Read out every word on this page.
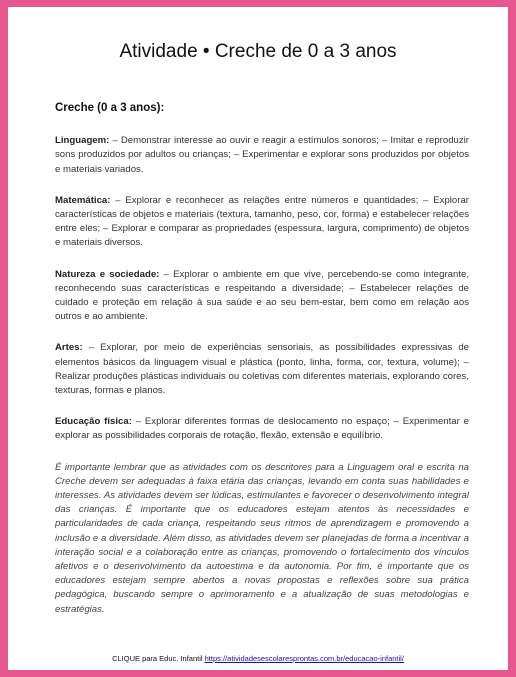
Atividade • Creche de 0 a 3 anos
Creche (0 a 3 anos):
Linguagem: – Demonstrar interesse ao ouvir e reagir a estímulos sonoros; – Imitar e reproduzir sons produzidos por adultos ou crianças; – Experimentar e explorar sons produzidos por objetos e materiais variados.
Matemática: – Explorar e reconhecer as relações entre números e quantidades; – Explorar características de objetos e materiais (textura, tamanho, peso, cor, forma) e estabelecer relações entre eles; – Explorar e comparar as propriedades (espessura, largura, comprimento) de objetos e materiais diversos.
Natureza e sociedade: – Explorar o ambiente em que vive, percebendo-se como integrante, reconhecendo suas características e respeitando a diversidade; – Estabelecer relações de cuidado e proteção em relação à sua saúde e ao seu bem-estar, bem como em relação aos outros e ao ambiente.
Artes: – Explorar, por meio de experiências sensoriais, as possibilidades expressivas de elementos básicos da linguagem visual e plástica (ponto, linha, forma, cor, textura, volume); – Realizar produções plásticas individuais ou coletivas com diferentes materiais, explorando cores, texturas, formas e planos.
Educação física: – Explorar diferentes formas de deslocamento no espaço; – Experimentar e explorar as possibilidades corporais de rotação, flexão, extensão e equilíbrio.
É importante lembrar que as atividades com os descritores para a Linguagem oral e escrita na Creche devem ser adequadas à faixa etária das crianças, levando em conta suas habilidades e interesses. As atividades devem ser lúdicas, estimulantes e favorecer o desenvolvimento integral das crianças. É importante que os educadores estejam atentos às necessidades e particularidades de cada criança, respeitando seus ritmos de aprendizagem e promovendo a inclusão e a diversidade. Além disso, as atividades devem ser planejadas de forma a incentivar a interação social e a colaboração entre as crianças, promovendo o fortalecimento dos vínculos afetivos e o desenvolvimento da autoestima e da autonomia. Por fim, é importante que os educadores estejam sempre abertos a novas propostas e reflexões sobre sua prática pedagógica, buscando sempre o aprimoramento e a atualização de suas metodologias e estratégias.
CLIQUE para Educ. Infantil https://atividadesescolaresprontas.com.br/educacao-infantil/
